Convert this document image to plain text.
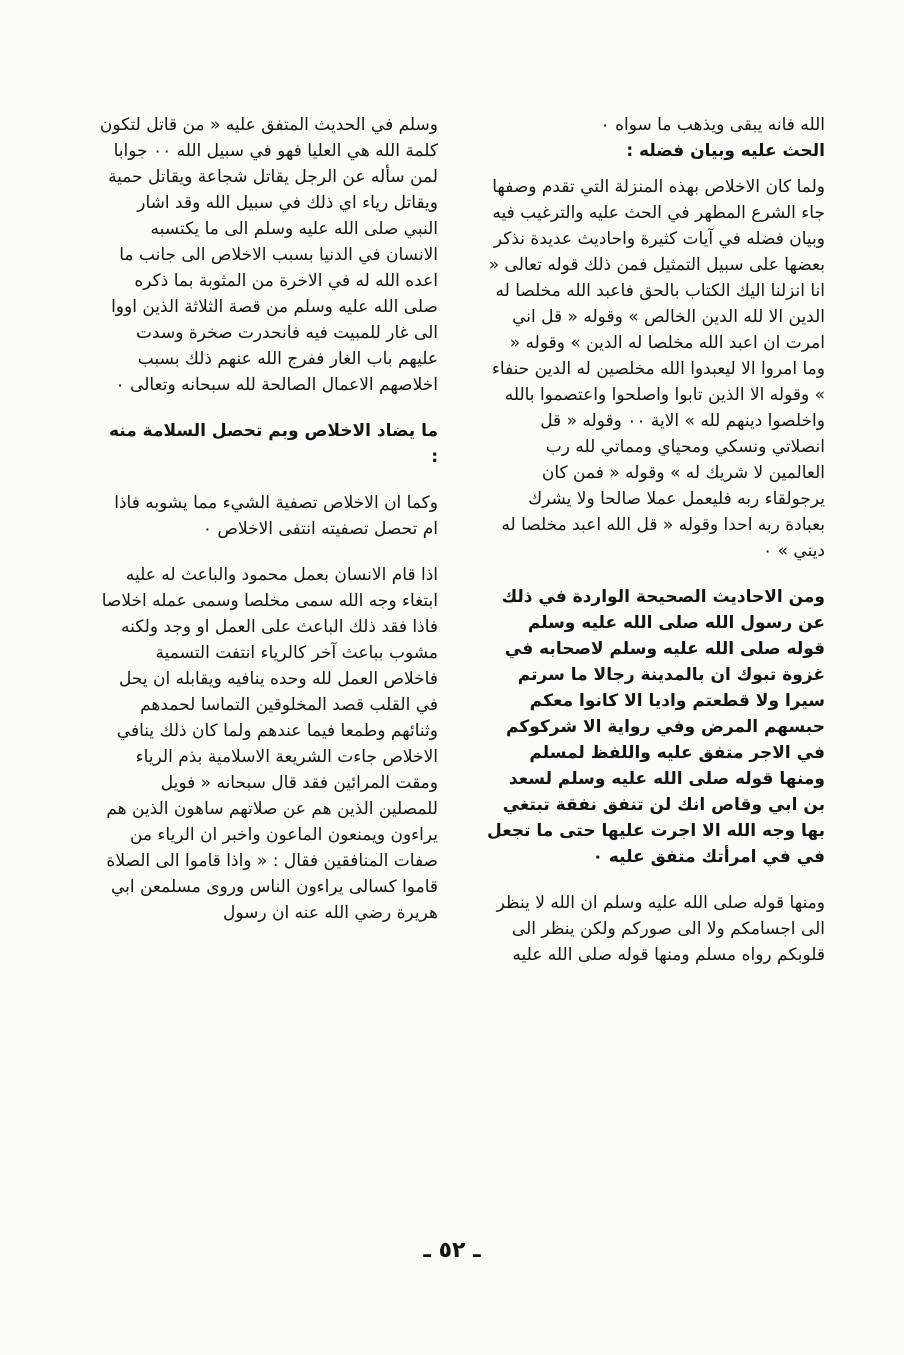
الله فانه يبقى ويذهب ما سواه ٠

الحث عليه وبيان فضله :

ولما كان الاخلاص بهذه المنزلة التي تقدم وصفها جاء الشرع المطهر في الحث عليه والترغيب فيه وبيان فضله في آيات كثيرة واحاديث عديدة نذكر بعضها على سبيل التمثيل فمن ذلك قوله تعالى « انا انزلنا اليك الكتاب بالحق فاعبد الله مخلصا له الدين الا لله الدين الخالص » وقوله « قل اني امرت ان اعبد الله مخلصا له الدين » وقوله « وما امروا الا ليعبدوا الله مخلصين له الدين حنفاء » وقوله الا الذين تابوا واصلحوا واعتصموا بالله واخلصوا دينهم لله » الاية ٠٠ وقوله « قل انصلاتي ونسكي ومحياي ومماتي لله رب العالمين لا شريك له » وقوله « فمن كان يرجولقاء ربه فليعمل عملا صالحا ولا يشرك بعبادة ربه احدا وقوله « قل الله اعبد مخلصا له ديني » ٠

ومن الاحاديث الصحيحة الواردة في ذلك عن رسول الله صلى الله عليه وسلم قوله صلى الله عليه وسلم لاصحابه في غزوة تبوك ان بالمدينة رجالا ما سرتم سيرا ولا قطعتم واديا الا كانوا معكم حبسهم المرض وفي رواية الا شركوكم في الاجر متفق عليه واللفظ لمسلم ومنها قوله صلى الله عليه وسلم لسعد بن ابي وقاص انك لن تنفق نفقة تبتغي بها وجه الله الا اجرت عليها حتى ما تجعل في في امرأتك متفق عليه ٠

ومنها قوله صلى الله عليه وسلم ان الله لا ينظر الى اجسامكم ولا الى صوركم ولكن ينظر الى قلوبكم رواه مسلم ومنها قوله صلى الله عليه

وسلم في الحديث المتفق عليه « من قاتل لتكون كلمة الله هي العليا فهو في سبيل الله ٠٠ جوابا لمن سأله عن الرجل يقاتل شجاعة ويقاتل حمية ويقاتل رياء اي ذلك في سبيل الله وقد اشار النبي صلى الله عليه وسلم الى ما يكتسبه الانسان في الدنيا بسبب الاخلاص الى جانب ما اعده الله له في الاخرة من المثوبة بما ذكره صلى الله عليه وسلم من قصة الثلاثة الذين اووا الى غار للمبيت فيه فانحدرت صخرة وسدت عليهم باب الغار ففرج الله عنهم ذلك بسبب اخلاصهم الاعمال الصالحة لله سبحانه وتعالى ٠

ما يضاد الاخلاص وبم تحصل السلامة منه :

وكما ان الاخلاص تصفية الشيء مما يشوبه فاذا ام تحصل تصفيته انتفى الاخلاص ٠

اذا قام الانسان بعمل محمود والباعث له عليه ابتغاء وجه الله سمى مخلصا وسمى عمله اخلاصا فاذا فقد ذلك الباعث على العمل او وجد ولكنه مشوب بباعث آخر كالرياء انتفت التسمية فاخلاص العمل لله وحده ينافيه ويقابله ان يحل في القلب قصد المخلوقين التماسا لحمدهم وثنائهم وطمعا فيما عندهم ولما كان ذلك ينافي الاخلاص جاءت الشريعة الاسلامية بذم الرياء ومقت المرائين فقد قال سبحانه « فويل للمصلين الذين هم عن صلاتهم ساهون الذين هم يراءون ويمنعون الماعون واخبر ان الرياء من صفات المنافقين فقال : « واذا قاموا الى الصلاة قاموا كسالى يراءون الناس وروى مسلمعن ابي هريرة رضي الله عنه ان رسول

ـ ٥٢ ـ
